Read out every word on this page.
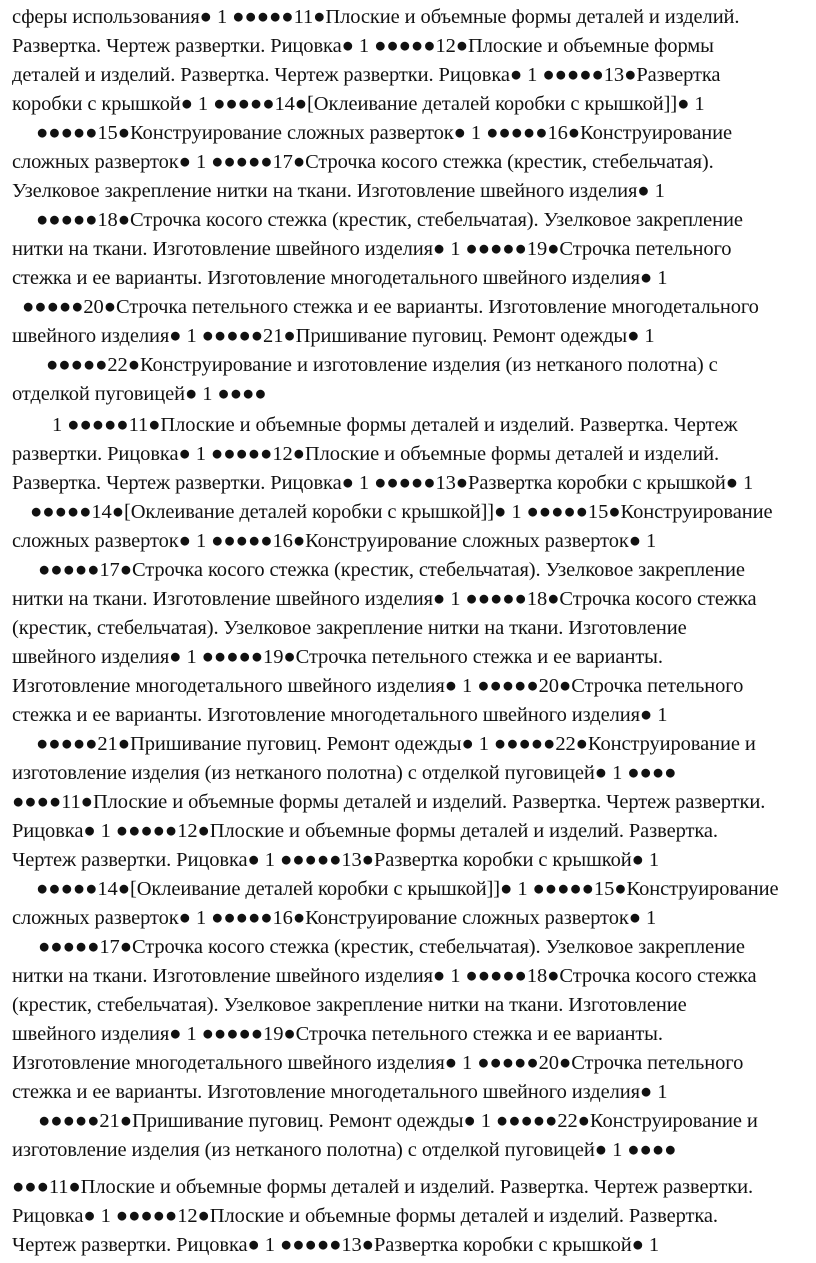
сферы использования● 1 ●●●●●11●Плоские и объемные формы деталей и изделий.
Развертка. Чертеж развертки. Рицовка● 1 ●●●●●12●Плоские и объемные формы
деталей и изделий. Развертка. Чертеж развертки. Рицовка● 1 ●●●●●13●Развертка
коробки с крышкой● 1 ●●●●●14●[Оклеивание деталей коробки с крышкой]]● 1
●●●●●15●Конструирование сложных разверток● 1 ●●●●●16●Конструирование
сложных разверток● 1 ●●●●●17●Строчка косого стежка (крестик, стебельчатая).
Узелковое закрепление нитки на ткани. Изготовление швейного изделия● 1
●●●●●18●Строчка косого стежка (крестик, стебельчатая). Узелковое закрепление
нитки на ткани. Изготовление швейного изделия● 1 ●●●●●19●Строчка петельного
стежка и ее варианты. Изготовление многодетального швейного изделия● 1
●●●●●20●Строчка петельного стежка и ее варианты. Изготовление многодетального
швейного изделия● 1 ●●●●●21●Пришивание пуговиц. Ремонт одежды● 1
●●●●●22●Конструирование и изготовление изделия (из нетканого полотна) с
отделкой пуговицей● 1 ●●●●
1 ●●●●●11●Плоские и объемные формы деталей и изделий. Развертка. Чертеж
развертки. Рицовка● 1 ●●●●●12●Плоские и объемные формы деталей и изделий.
Развертка. Чертеж развертки. Рицовка● 1 ●●●●●13●Развертка коробки с крышкой● 1
●●●●●14●[Оклеивание деталей коробки с крышкой]]● 1 ●●●●●15●Конструирование
сложных разверток● 1 ●●●●●16●Конструирование сложных разверток● 1
●●●●●17●Строчка косого стежка (крестик, стебельчатая). Узелковое закрепление
нитки на ткани. Изготовление швейного изделия● 1 ●●●●●18●Строчка косого стежка
(крестик, стебельчатая). Узелковое закрепление нитки на ткани. Изготовление
швейного изделия● 1 ●●●●●19●Строчка петельного стежка и ее варианты.
Изготовление многодетального швейного изделия● 1 ●●●●●20●Строчка петельного
стежка и ее варианты. Изготовление многодетального швейного изделия● 1
●●●●●21●Пришивание пуговиц. Ремонт одежды● 1 ●●●●●22●Конструирование и
изготовление изделия (из нетканого полотна) с отделкой пуговицей● 1 ●●●●
●●●●11●Плоские и объемные формы деталей и изделий. Развертка. Чертеж развертки.
Рицовка● 1 ●●●●●12●Плоские и объемные формы деталей и изделий. Развертка.
Чертеж развертки. Рицовка● 1 ●●●●●13●Развертка коробки с крышкой● 1
●●●●●14●[Оклеивание деталей коробки с крышкой]]● 1 ●●●●●15●Конструирование
сложных разверток● 1 ●●●●●16●Конструирование сложных разверток● 1
●●●●●17●Строчка косого стежка (крестик, стебельчатая). Узелковое закрепление
нитки на ткани. Изготовление швейного изделия● 1 ●●●●●18●Строчка косого стежка
(крестик, стебельчатая). Узелковое закрепление нитки на ткани. Изготовление
швейного изделия● 1 ●●●●●19●Строчка петельного стежка и ее варианты.
Изготовление многодетального швейного изделия● 1 ●●●●●20●Строчка петельного
стежка и ее варианты. Изготовление многодетального швейного изделия● 1
●●●●●21●Пришивание пуговиц. Ремонт одежды● 1 ●●●●●22●Конструирование и
изготовление изделия (из нетканого полотна) с отделкой пуговицей● 1 ●●●●
●●●11●Плоские и объемные формы деталей и изделий. Развертка. Чертеж развертки.
Рицовка● 1 ●●●●●12●Плоские и объемные формы деталей и изделий. Развертка.
Чертеж развертки. Рицовка● 1 ●●●●●13●Развертка коробки с крышкой● 1
